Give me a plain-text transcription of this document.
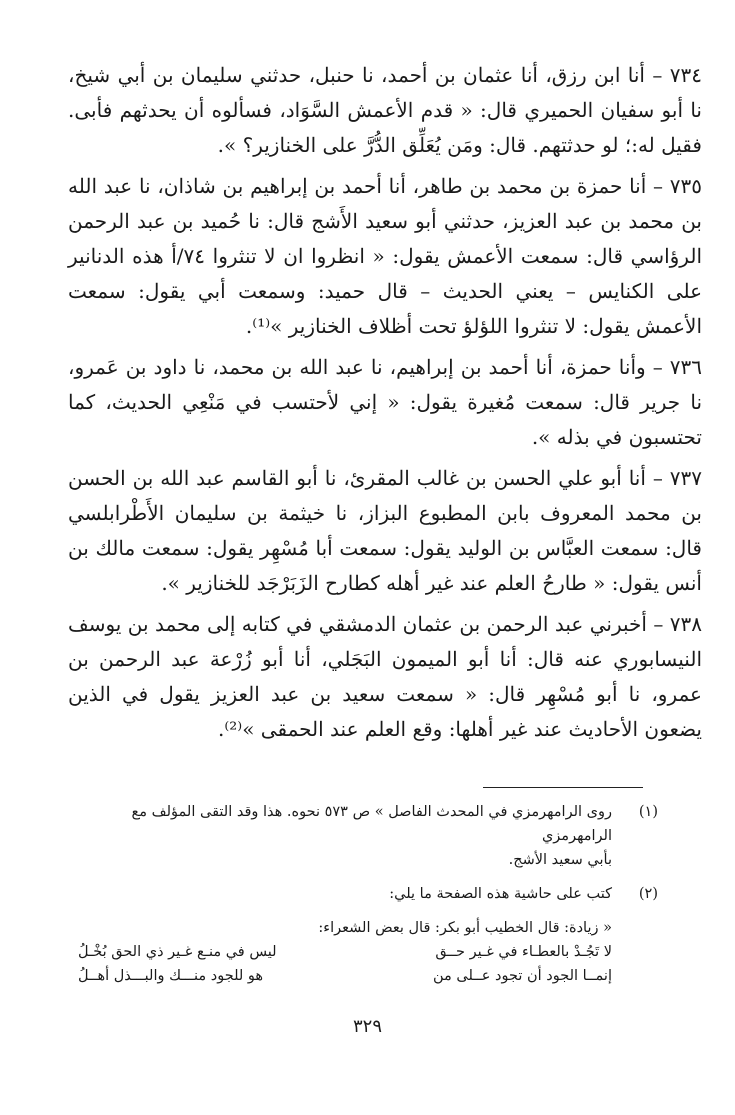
٧٣٤ – أنا ابن رزق، أنا عثمان بن أحمد، نا حنبل، حدثني سليمان بن أبي شيخ، نا أبو سفيان الحميري قال: « قدم الأعمش السَّوَاد، فسألوه أن يحدثهم فأبى. فقيل له:؛ لو حدثتهم. قال: ومَن يُعَلِّق الدُّرَّ على الخنازير؟ ».

٧٣٥ – أنا حمزة بن محمد بن طاهر، أنا أحمد بن إبراهيم بن شاذان، نا عبد الله بن محمد بن عبد العزيز، حدثني أبو سعيد الأَشج قال: نا حُميد بن عبد الرحمن الرؤاسي قال: سمعت الأعمش يقول: « انظروا ان لا تنثروا ٧٤/أ هذه الدنانير على الكنايس – يعني الحديث – قال حميد: وسمعت أبي يقول: سمعت الأعمش يقول: لا تنثروا اللؤلؤ تحت أظلاف الخنازير »⁽¹⁾.

٧٣٦ – وأنا حمزة، أنا أحمد بن إبراهيم، نا عبد الله بن محمد، نا داود بن عَمرو، نا جرير قال: سمعت مُغيرة يقول: « إني لأحتسب في مَنْعِي الحديث، كما تحتسبون في بذله ».

٧٣٧ – أنا أبو علي الحسن بن غالب المقرئ، نا أبو القاسم عبد الله بن الحسن بن محمد المعروف بابن المطبوع البزاز، نا خيثمة بن سليمان الأَطْرابلسي قال: سمعت العبَّاس بن الوليد يقول: سمعت أبا مُسْهِر يقول: سمعت مالك بن أنس يقول: « طارحُ العلم عند غير أهله كطارح الزَبَرْجَد للخنازير ».

٧٣٨ – أخبرني عبد الرحمن بن عثمان الدمشقي في كتابه إلى محمد بن يوسف النيسابوري عنه قال: أنا أبو الميمون البَجَلي، أنا أبو زُرْعة عبد الرحمن بن عمرو، نا أبو مُسْهِر قال: « سمعت سعيد بن عبد العزيز يقول في الذين يضعون الأحاديث عند غير أهلها: وقع العلم عند الحمقى »⁽²⁾.

(١)
روى الرامهرمزي في المحدث الفاصل » ص ٥٧٣ نحوه. هذا وقد التقى المؤلف مع الرامهرمزي
بأبي سعيد الأشج.
(٢)
كتب على حاشية هذه الصفحة ما يلي:
« زيادة: قال الخطيب أبو بكر: قال بعض الشعراء:
لا تَجُـدْ بالعطـاء في غـير حــق
ليس في منـع غـير ذي الحق بُخْـلُ
إنمــا الجود أن تجود عــلى من
هو للجود منـــك والبـــذل أهــلُ
٣٢٩
